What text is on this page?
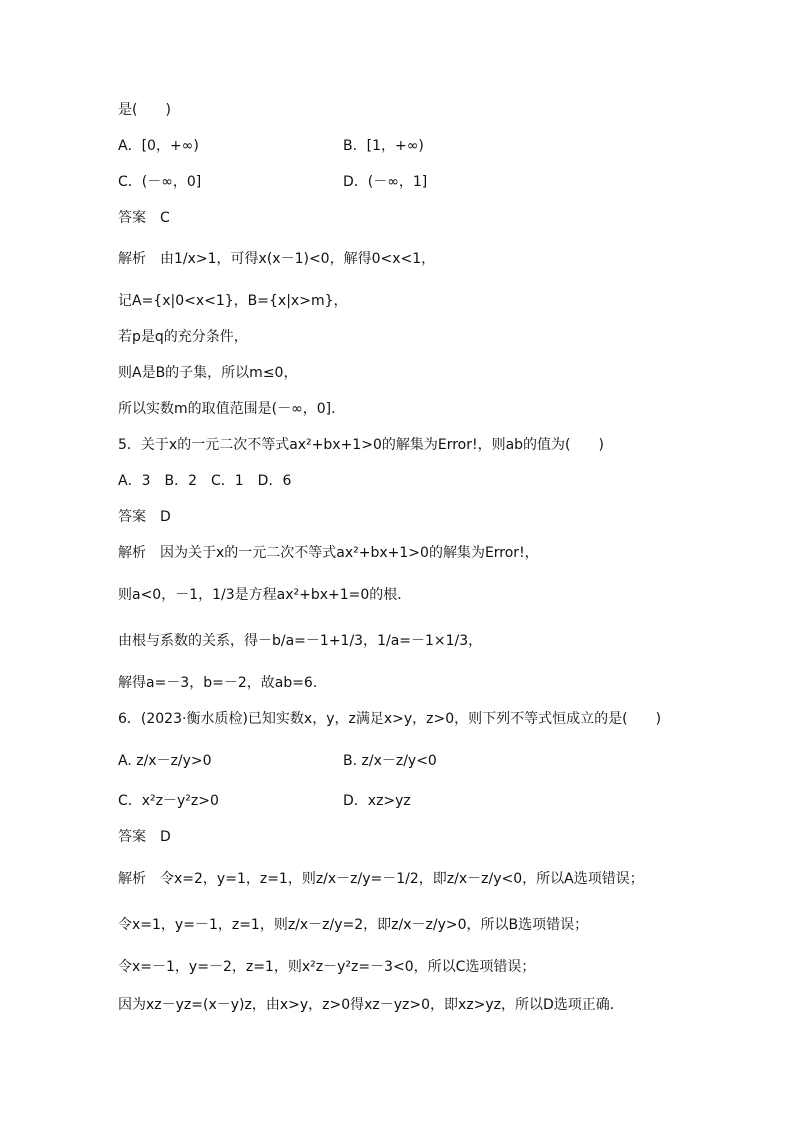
是(　　)
A．[0，+∞)	B．[1，+∞)
C．(－∞，0]	D．(－∞，1]
答案　C
解析　由1/x>1，可得x(x－1)<0，解得0<x<1，
记A={x|0<x<1}，B={x|x>m}，
若p是q的充分条件，
则A是B的子集，所以m≤0，
所以实数m的取值范围是(－∞，0]．
5．关于x的一元二次不等式ax²+bx+1>0的解集为Error!，则ab的值为(　　)
A．3　B．2　C．1　D．6
答案　D
解析　因为关于x的一元二次不等式ax²+bx+1>0的解集为Error!，
则a<0，－1，1/3是方程ax²+bx+1=0的根．
由根与系数的关系，得－b/a=－1+1/3，1/a=－1×1/3，
解得a=－3，b=－2，故ab=6.
6．(2023·衡水质检)已知实数x，y，z满足x>y，z>0，则下列不等式恒成立的是(　　)
A. z/x－z/y>0	B. z/x－z/y<0
C．x²z－y²z>0	D．xz>yz
答案　D
解析　令x=2，y=1，z=1，则z/x－z/y=－1/2，即z/x－z/y<0，所以A选项错误；
令x=1，y=－1，z=1，则z/x－z/y=2，即z/x－z/y>0，所以B选项错误；
令x=－1，y=－2，z=1，则x²z－y²z=－3<0，所以C选项错误；
因为xz－yz=(x－y)z，由x>y，z>0得xz－yz>0，即xz>yz，所以D选项正确．
